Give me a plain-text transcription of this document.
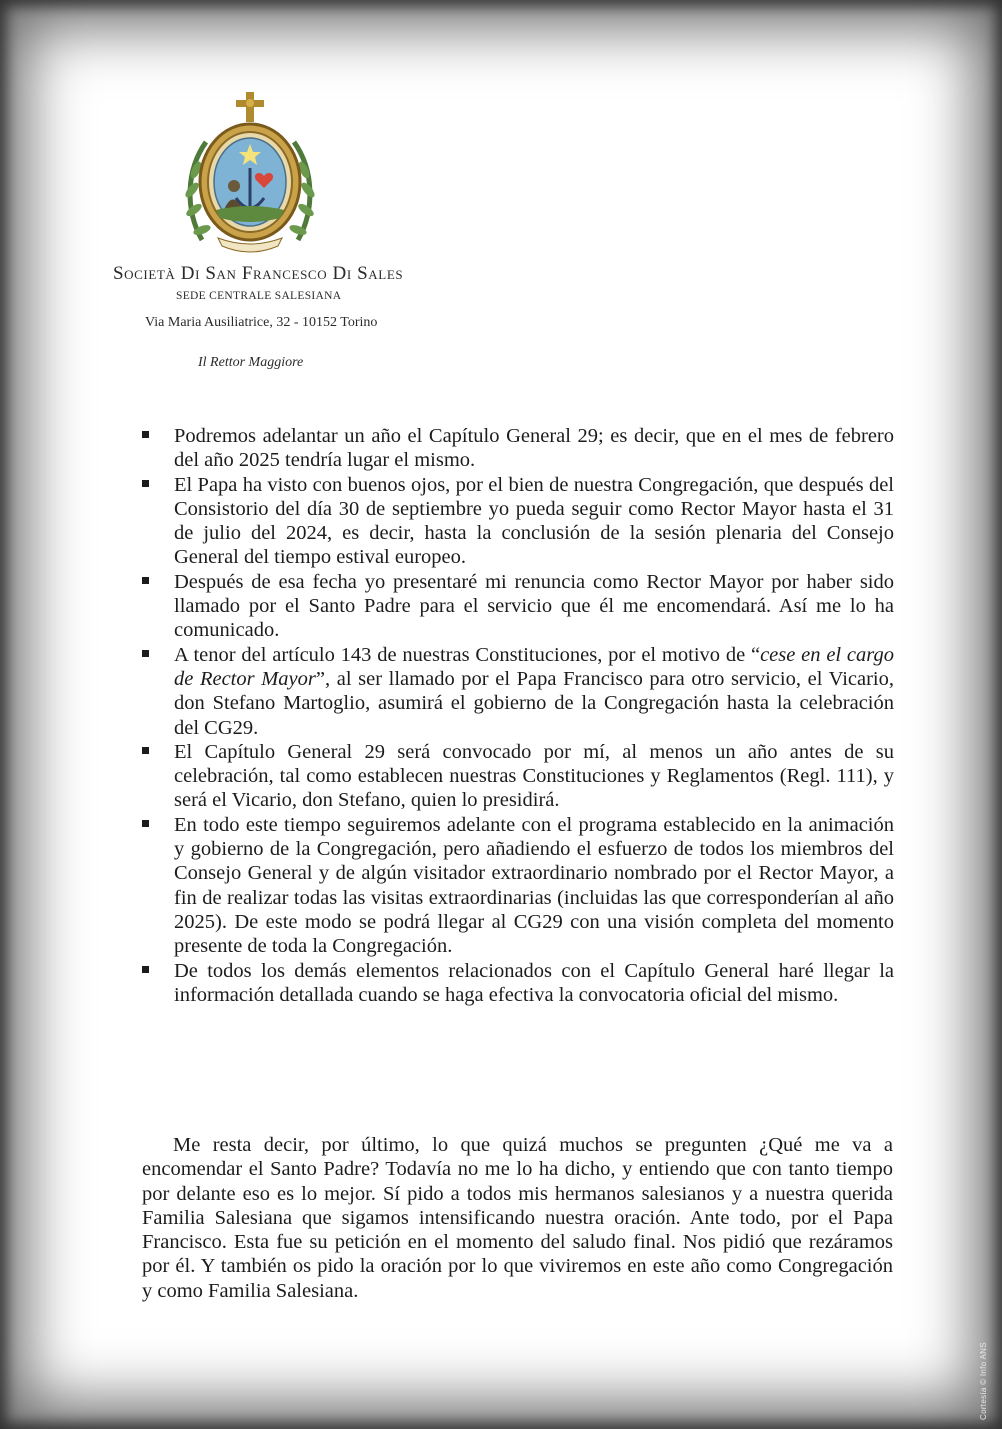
Società Di San Francesco Di Sales
SEDE CENTRALE SALESIANA
Via Maria Ausiliatrice, 32 - 10152 Torino
Il Rettor Maggiore
Podremos adelantar un año el Capítulo General 29; es decir, que en el mes de febrero del año 2025 tendría lugar el mismo.
El Papa ha visto con buenos ojos, por el bien de nuestra Congregación, que después del Consistorio del día 30 de septiembre yo pueda seguir como Rector Mayor hasta el 31 de julio del 2024, es decir, hasta la conclusión de la sesión plenaria del Consejo General del tiempo estival europeo.
Después de esa fecha yo presentaré mi renuncia como Rector Mayor por haber sido llamado por el Santo Padre para el servicio que él me encomendará. Así me lo ha comunicado.
A tenor del artículo 143 de nuestras Constituciones, por el motivo de “cese en el cargo de Rector Mayor”, al ser llamado por el Papa Francisco para otro servicio, el Vicario, don Stefano Martoglio, asumirá el gobierno de la Congregación hasta la celebración del CG29.
El Capítulo General 29 será convocado por mí, al menos un año antes de su celebración, tal como establecen nuestras Constituciones y Reglamentos (Regl. 111), y será el Vicario, don Stefano, quien lo presidirá.
En todo este tiempo seguiremos adelante con el programa establecido en la animación y gobierno de la Congregación, pero añadiendo el esfuerzo de todos los miembros del Consejo General y de algún visitador extraordinario nombrado por el Rector Mayor, a fin de realizar todas las visitas extraordinarias (incluidas las que corresponderían al año 2025). De este modo se podrá llegar al CG29 con una visión completa del momento presente de toda la Congregación.
De todos los demás elementos relacionados con el Capítulo General haré llegar la información detallada cuando se haga efectiva la convocatoria oficial del mismo.

Me resta decir, por último, lo que quizá muchos se pregunten ¿Qué me va a encomendar el Santo Padre? Todavía no me lo ha dicho, y entiendo que con tanto tiempo por delante eso es lo mejor. Sí pido a todos mis hermanos salesianos y a nuestra querida Familia Salesiana que sigamos intensificando nuestra oración. Ante todo, por el Papa Francisco. Esta fue su petición en el momento del saludo final. Nos pidió que rezáramos por él. Y también os pido la oración por lo que viviremos en este año como Congregación y como Familia Salesiana.

Cortesía © Info ANS
